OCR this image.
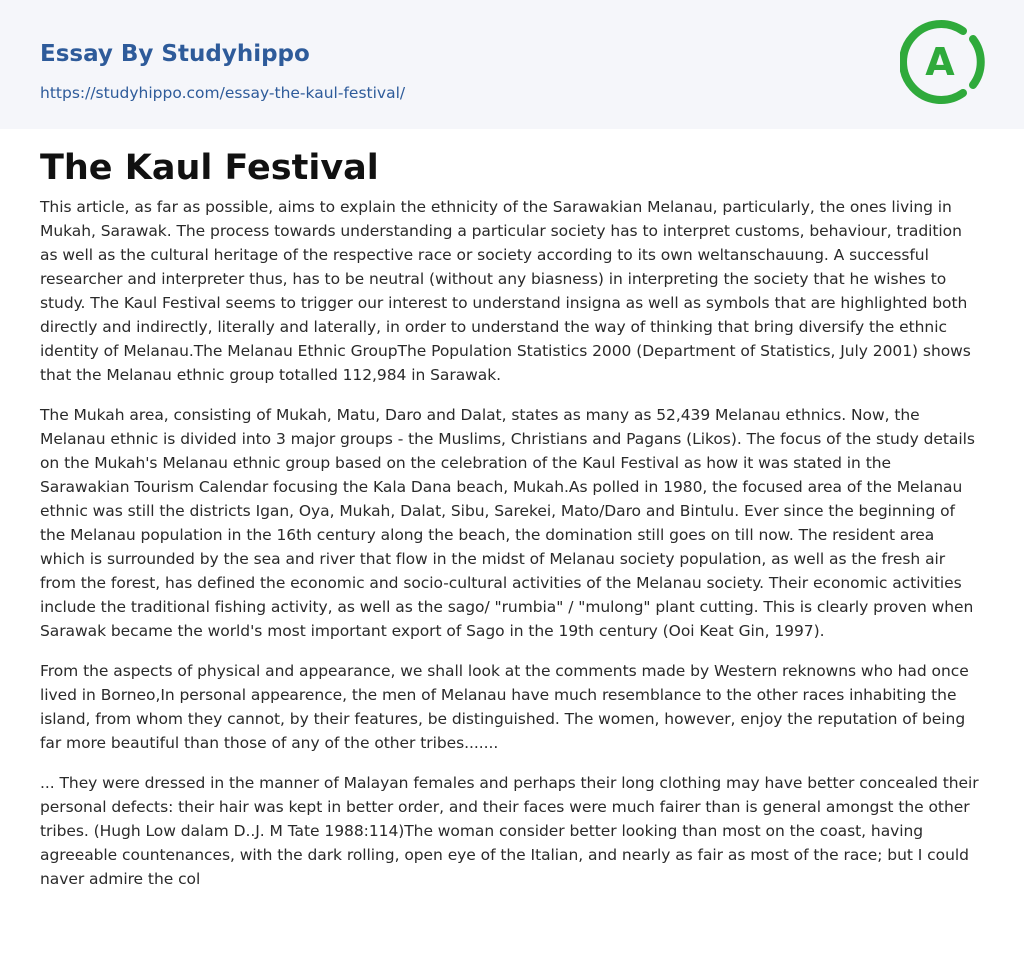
Essay By Studyhippo
https://studyhippo.com/essay-the-kaul-festival/
A
The Kaul Festival

This article, as far as possible, aims to explain the ethnicity of the Sarawakian Melanau, particularly, the ones living in Mukah, Sarawak. The process towards understanding a particular society has to interpret customs, behaviour, tradition as well as the cultural heritage of the respective race or society according to its own weltanschauung. A successful researcher and interpreter thus, has to be neutral (without any biasness) in interpreting the society that he wishes to study. The Kaul Festival seems to trigger our interest to understand insigna as well as symbols that are highlighted both directly and indirectly, literally and laterally, in order to understand the way of thinking that bring diversify the ethnic identity of Melanau.The Melanau Ethnic GroupThe Population Statistics 2000 (Department of Statistics, July 2001) shows that the Melanau ethnic group totalled 112,984 in Sarawak.

The Mukah area, consisting of Mukah, Matu, Daro and Dalat, states as many as 52,439 Melanau ethnics. Now, the Melanau ethnic is divided into 3 major groups - the Muslims, Christians and Pagans (Likos). The focus of the study details on the Mukah's Melanau ethnic group based on the celebration of the Kaul Festival as how it was stated in the Sarawakian Tourism Calendar focusing the Kala Dana beach, Mukah.As polled in 1980, the focused area of the Melanau ethnic was still the districts Igan, Oya, Mukah, Dalat, Sibu, Sarekei, Mato/Daro and Bintulu. Ever since the beginning of the Melanau population in the 16th century along the beach, the domination still goes on till now. The resident area which is surrounded by the sea and river that flow in the midst of Melanau society population, as well as the fresh air from the forest, has defined the economic and socio-cultural activities of the Melanau society. Their economic activities include the traditional fishing activity, as well as the sago/ "rumbia" / "mulong" plant cutting. This is clearly proven when Sarawak became the world's most important export of Sago in the 19th century (Ooi Keat Gin, 1997).

From the aspects of physical and appearance, we shall look at the comments made by Western reknowns who had once lived in Borneo,In personal appearence, the men of Melanau have much resemblance to the other races inhabiting the island, from whom they cannot, by their features, be distinguished. The women, however, enjoy the reputation of being far more beautiful than those of any of the other tribes.......

... They were dressed in the manner of Malayan females and perhaps their long clothing may have better concealed their personal defects: their hair was kept in better order, and their faces were much fairer than is general amongst the other tribes. (Hugh Low dalam D..J. M Tate 1988:114)The woman consider better looking than most on the coast, having agreeable countenances, with the dark rolling, open eye of the Italian, and nearly as fair as most of the race; but I could naver admire the col
